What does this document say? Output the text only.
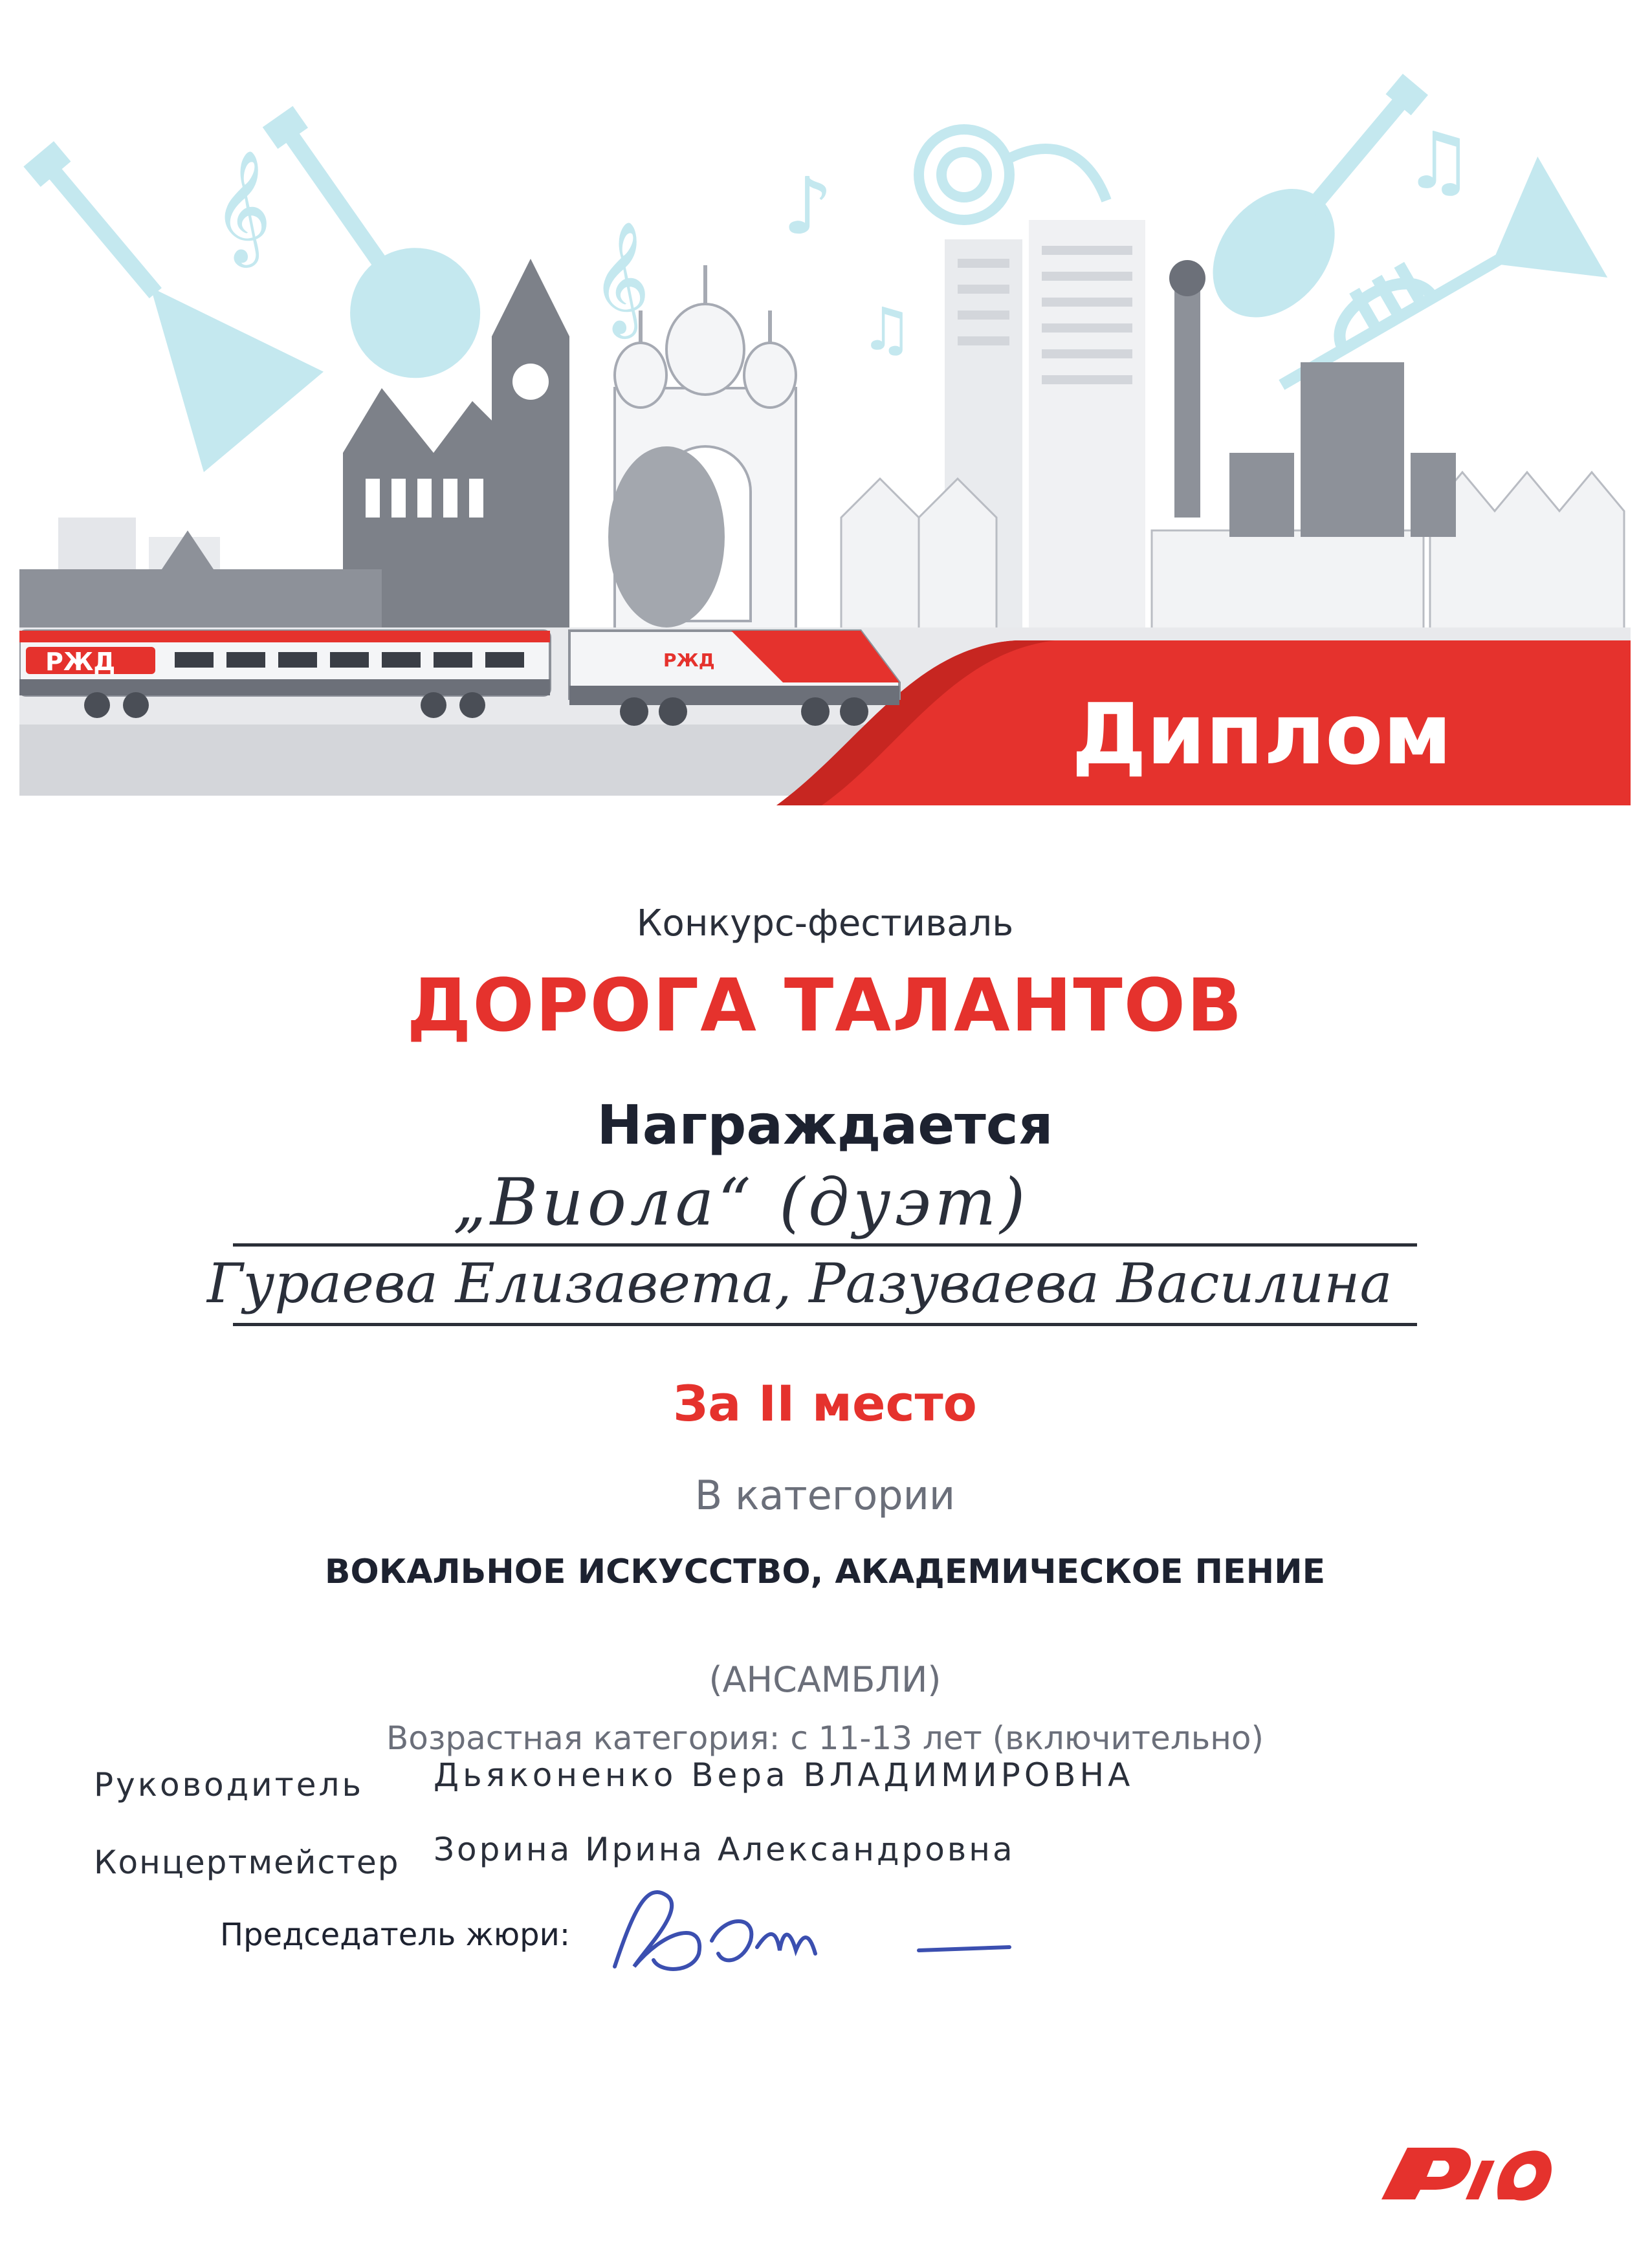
𝄞
𝄞
♪
♫
♫
РЖД	РЖД
Диплом
Конкурс-фестиваль
ДОРОГА ТАЛАНТОВ
Награждается
„Виола“ (дуэт)
Гураева Елизавета, Разуваева Василина
За II место
В категории
ВОКАЛЬНОЕ ИСКУССТВО, АКАДЕМИЧЕСКОЕ ПЕНИЕ
(АНСАМБЛИ)
Возрастная категория: с 11-13 лет (включительно)
Руководитель Дьяконенко Вера ВЛАДИМИРОВНА
Концертмейстер Зорина Ирина Александровна
Председатель жюри:
РЖД
